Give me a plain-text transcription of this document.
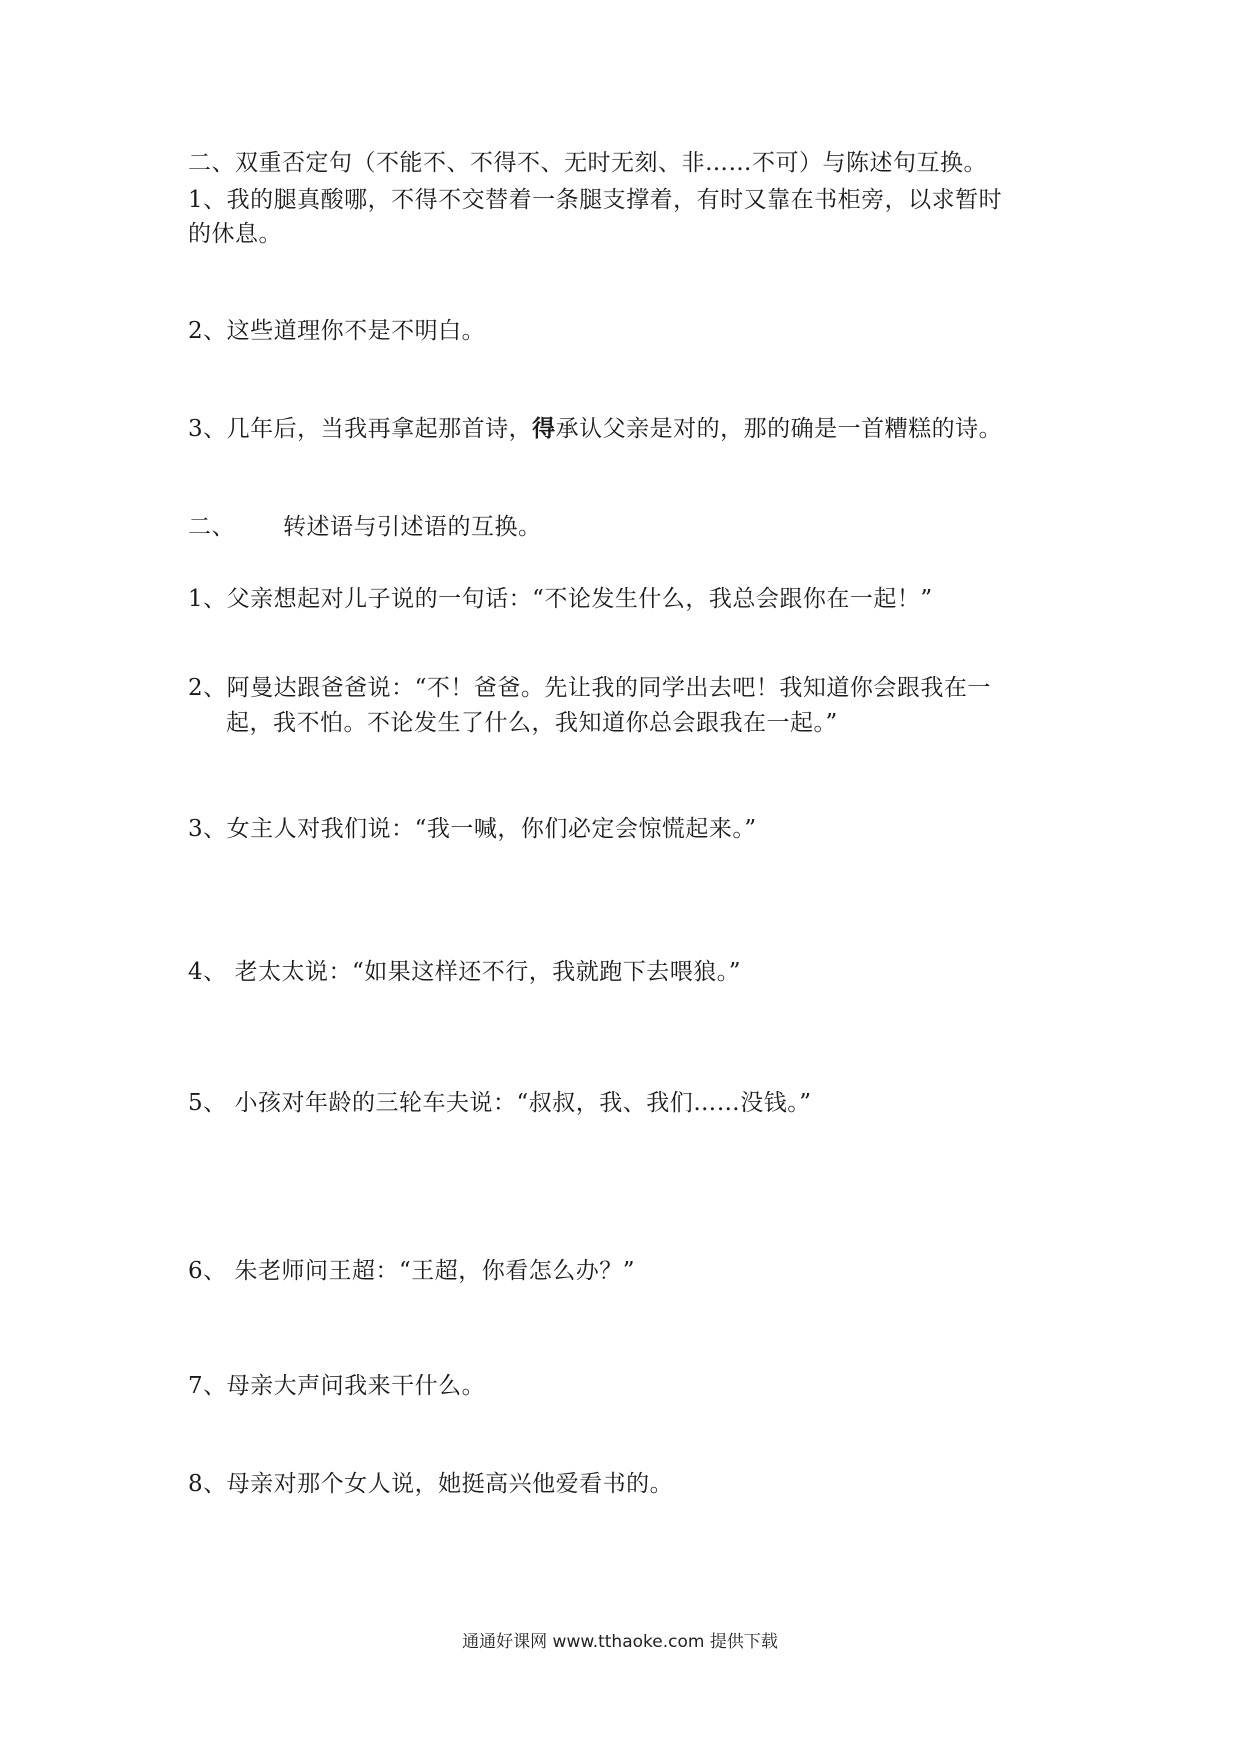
二、双重否定句（不能不、不得不、无时无刻、非……不可）与陈述句互换。
1、我的腿真酸哪，不得不交替着一条腿支撑着，有时又靠在书柜旁，以求暂时
的休息。
2、这些道理你不是不明白。
3、几年后，当我再拿起那首诗，得承认父亲是对的，那的确是一首糟糕的诗。
二、 转述语与引述语的互换。
1、父亲想起对儿子说的一句话：“不论发生什么，我总会跟你在一起！”
2、阿曼达跟爸爸说：“不！爸爸。先让我的同学出去吧！我知道你会跟我在一
起，我不怕。不论发生了什么，我知道你总会跟我在一起。”
3、女主人对我们说：“我一喊，你们必定会惊慌起来。”
4、 老太太说：“如果这样还不行，我就跑下去喂狼。”
5、 小孩对年龄的三轮车夫说：“叔叔，我、我们……没钱。”
6、 朱老师问王超：“王超，你看怎么办？”
7、母亲大声问我来干什么。
8、母亲对那个女人说，她挺高兴他爱看书的。
通通好课网 www.tthaoke.com 提供下载
